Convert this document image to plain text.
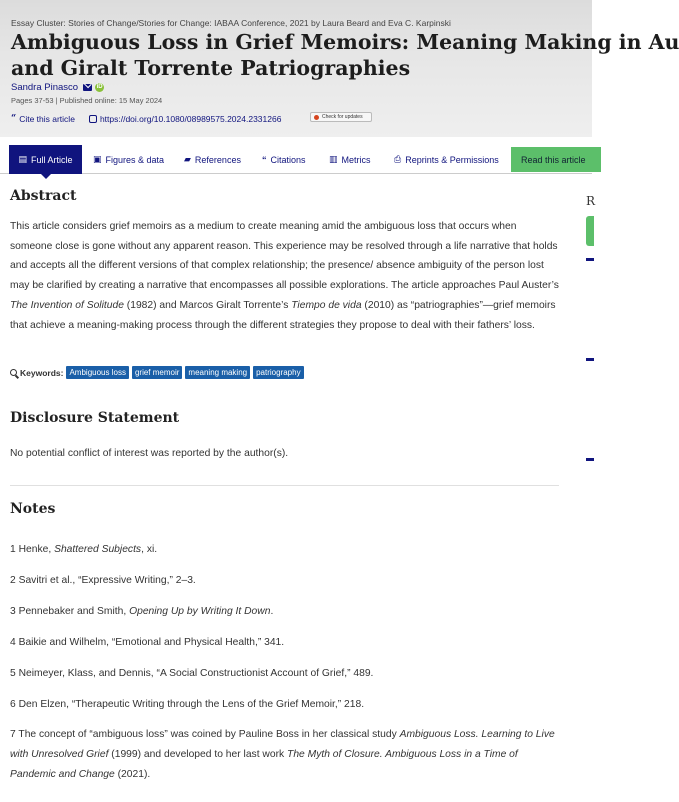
Essay Cluster: Stories of Change/Stories for Change: IABAA Conference, 2021 by Laura Beard and Eva C. Karpinski
Ambiguous Loss in Grief Memoirs: Meaning Making in Au
and Giralt Torrente Patriographies
Sandra Pinasco	iD
Pages 37-53 | Published online: 15 May 2024
“ Cite this article	https://doi.org/10.1080/08989575.2024.2331266	Check for updates
▤ Full Article ▣ Figures & data ▰ References “ Citations	▥ Metrics	⎙ Reprints & Permissions	Read this article
Abstract

This article considers grief memoirs as a medium to create meaning amid the ambiguous loss that occurs when someone close is gone without any apparent reason. This experience may be resolved through a life narrative that holds and accepts all the different versions of that complex relationship; the presence/ absence ambiguity of the person lost may be clarified by creating a narrative that encompasses all possible explorations. The article approaches Paul Auster’s The Invention of Solitude (1982) and Marcos Giralt Torrente’s Tiempo de vida (2010) as “patriographies”—grief memoirs that achieve a meaning-making process through the different strategies they propose to deal with their fathers’ loss.

Keywords: Ambiguous loss	grief memoir	meaning making	patriography
Disclosure Statement

No potential conflict of interest was reported by the author(s).

Notes

1 Henke, Shattered Subjects, xi.

2 Savitri et al., “Expressive Writing,” 2–3.

3 Pennebaker and Smith, Opening Up by Writing It Down.

4 Baikie and Wilhelm, “Emotional and Physical Health,” 341.

5 Neimeyer, Klass, and Dennis, “A Social Constructionist Account of Grief,” 489.

6 Den Elzen, “Therapeutic Writing through the Lens of the Grief Memoir,” 218.

7 The concept of “ambiguous loss” was coined by Pauline Boss in her classical study Ambiguous Loss. Learning to Live with Unresolved Grief (1999) and developed to her last work The Myth of Closure. Ambiguous Loss in a Time of Pandemic and Change (2021).

R
